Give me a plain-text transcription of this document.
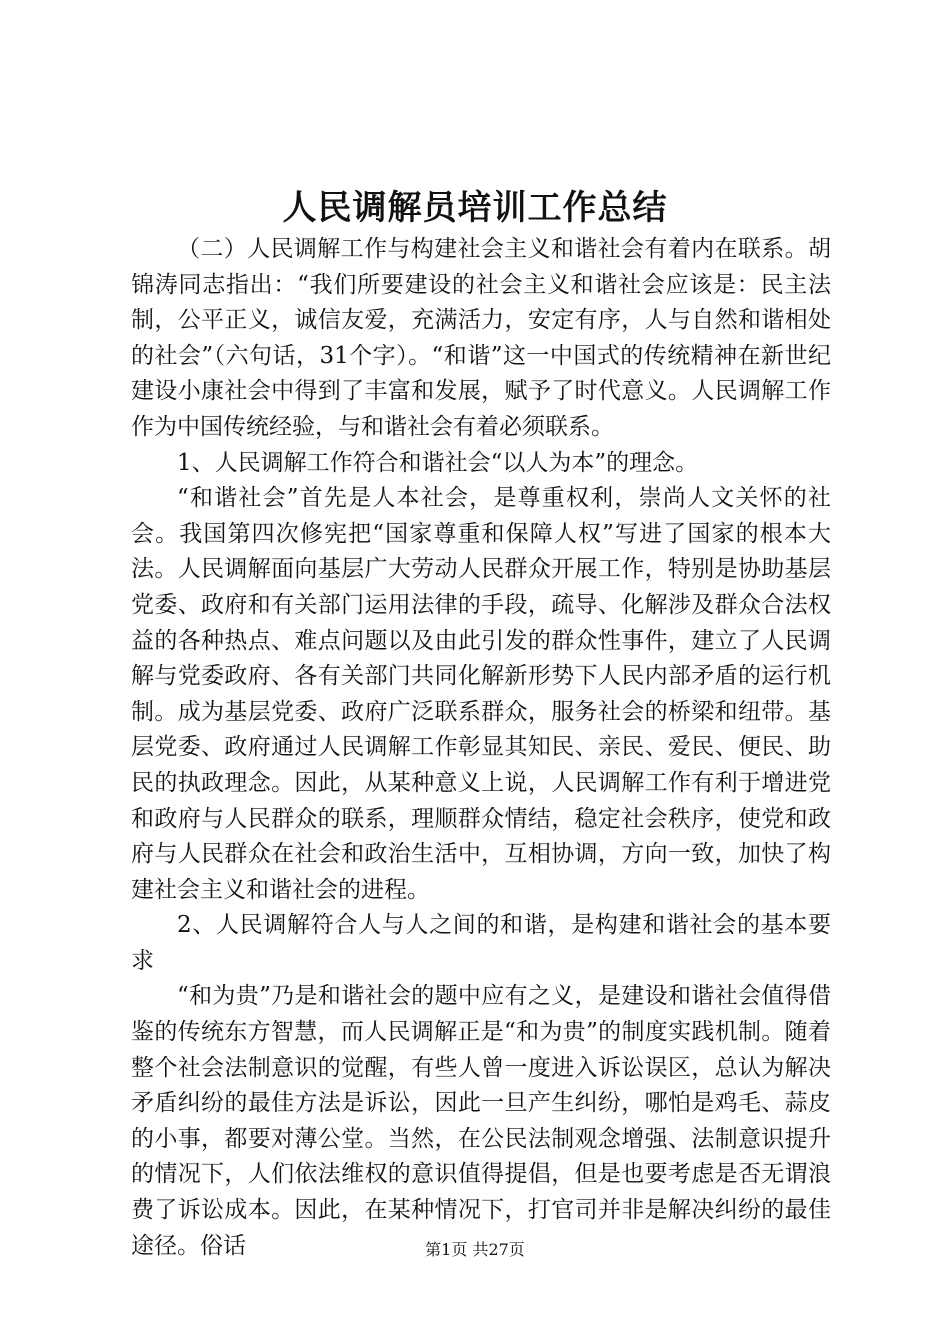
人民调解员培训工作总结

（二）人民调解工作与构建社会主义和谐社会有着内在联系。胡锦涛同志指出：“我们所要建设的社会主义和谐社会应该是：民主法制，公平正义，诚信友爱，充满活力，安定有序，人与自然和谐相处的社会”（六句话，31个字）。“和谐”这一中国式的传统精神在新世纪建设小康社会中得到了丰富和发展，赋予了时代意义。人民调解工作作为中国传统经验，与和谐社会有着必须联系。

1、人民调解工作符合和谐社会“以人为本”的理念。

“和谐社会”首先是人本社会，是尊重权利，崇尚人文关怀的社会。我国第四次修宪把“国家尊重和保障人权”写进了国家的根本大法。人民调解面向基层广大劳动人民群众开展工作，特别是协助基层党委、政府和有关部门运用法律的手段，疏导、化解涉及群众合法权益的各种热点、难点问题以及由此引发的群众性事件，建立了人民调解与党委政府、各有关部门共同化解新形势下人民内部矛盾的运行机制。成为基层党委、政府广泛联系群众，服务社会的桥梁和纽带。基层党委、政府通过人民调解工作彰显其知民、亲民、爱民、便民、助民的执政理念。因此，从某种意义上说，人民调解工作有利于增进党和政府与人民群众的联系，理顺群众情结，稳定社会秩序，使党和政府与人民群众在社会和政治生活中，互相协调，方向一致，加快了构建社会主义和谐社会的进程。

2、人民调解符合人与人之间的和谐，是构建和谐社会的基本要求

“和为贵”乃是和谐社会的题中应有之义，是建设和谐社会值得借鉴的传统东方智慧，而人民调解正是“和为贵”的制度实践机制。随着整个社会法制意识的觉醒，有些人曾一度进入诉讼误区，总认为解决矛盾纠纷的最佳方法是诉讼，因此一旦产生纠纷，哪怕是鸡毛、蒜皮的小事，都要对薄公堂。当然，在公民法制观念增强、法制意识提升的情况下，人们依法维权的意识值得提倡，但是也要考虑是否无谓浪费了诉讼成本。因此，在某种情况下，打官司并非是解决纠纷的最佳途径。俗话	第1页 共27页
